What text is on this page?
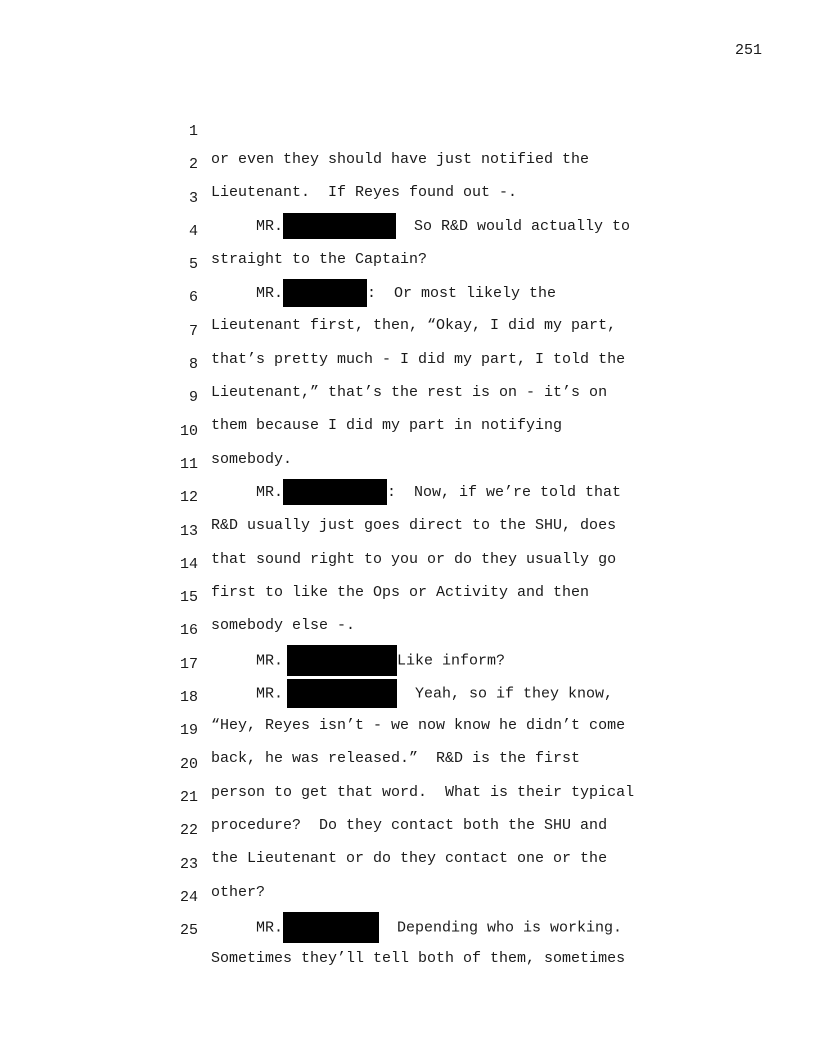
251

1

or even they should have just notified the

2

Lieutenant.  If Reyes found out -.

3

MR.	So R&D would actually to

4

straight to the Captain?

5

MR.	:  Or most likely the

6

Lieutenant first, then, “Okay, I did my part,

7

that’s pretty much - I did my part, I told the

8

Lieutenant,” that’s the rest is on - it’s on

9

them because I did my part in notifying

10

somebody.

11

MR.	:  Now, if we’re told that

12

R&D usually just goes direct to the SHU, does

13

that sound right to you or do they usually go

14

first to like the Ops or Activity and then

15

somebody else -.

16

MR.	Like inform?

17

MR.	Yeah, so if they know,

18

“Hey, Reyes isn’t - we now know he didn’t come

19

back, he was released.”  R&D is the first

20

person to get that word.  What is their typical

21

procedure?  Do they contact both the SHU and

22

the Lieutenant or do they contact one or the

23

other?

24

MR.	Depending who is working.

25

Sometimes they’ll tell both of them, sometimes
